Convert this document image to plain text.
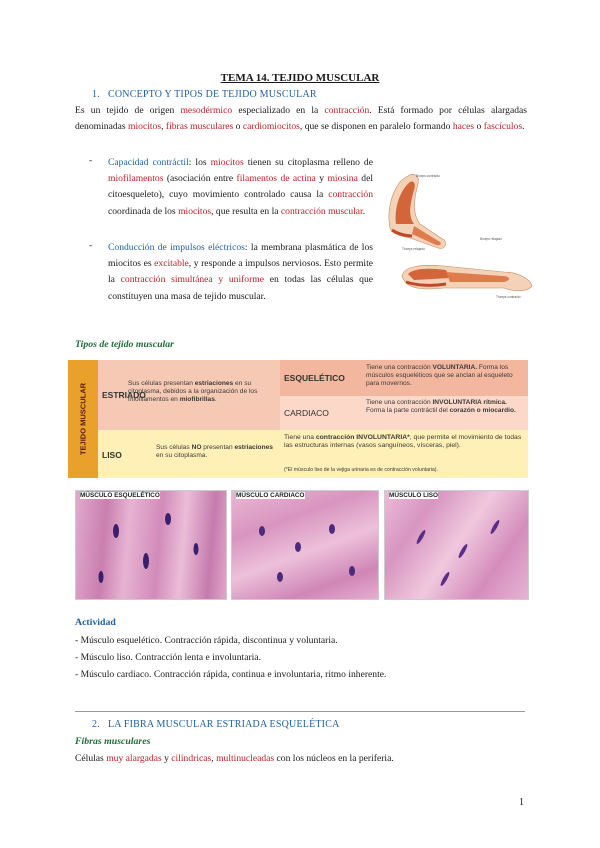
TEMA 14. TEJIDO MUSCULAR
1.   CONCEPTO Y TIPOS DE TEJIDO MUSCULAR
Es un tejido de origen mesodérmico especializado en la contracción. Está formado por células alargadas denominadas miocitos, fibras musculares o cardiomiocitos, que se disponen en paralelo formando haces o fascículos.
- Capacidad contráctil: los miocitos tienen su citoplasma relleno de miofilamentos (asociación entre filamentos de actina y miosina del citoesqueleto), cuyo movimiento controlado causa la contracción coordinada de los miocitos, que resulta en la contracción muscular.
- Conducción de impulsos eléctricos: la membrana plasmática de los miocitos es excitable, y responde a impulsos nerviosos. Esto permite la contracción simultánea y uniforme en todas las células que constituyen una masa de tejido muscular.
Bíceps contraído
Tríceps relajado
Bíceps relajado
Tríceps contraído
Tipos de tejido muscular
TEJIDO MUSCULAR ESTRIADO
Sus células presentan estriaciones en su citoplasma, debidos a la organización de los miofilamentos en miofibrillas.
ESQUELÉTICO
Tiene una contracción VOLUNTARIA. Forma los músculos esqueléticos que se anclan al esqueleto para movernos.
CARDIACO
Tiene una contracción INVOLUNTARIA rítmica. Forma la parte contráctil del corazón o miocardio.
LISO
Sus células NO presentan estriaciones en su citoplasma.
Tiene una contracción INVOLUNTARIA*, que permite el movimiento de todas las estructuras internas (vasos sanguíneos, vísceras, piel).
(*El músculo liso de la vejiga urinaria es de contracción voluntaria).
MÚSCULO ESQUELÉTICO	MÚSCULO CARDIACO	MÚSCULO LISO
Actividad
- Músculo esquelético. Contracción rápida, discontinua y voluntaria.
- Músculo liso. Contracción lenta e involuntaria.
- Músculo cardiaco. Contracción rápida, continua e involuntaria, ritmo inherente.
2.   LA FIBRA MUSCULAR ESTRIADA ESQUELÉTICA
Fibras musculares
Células muy alargadas y cilíndricas, multinucleadas con los núcleos en la periferia.
1
